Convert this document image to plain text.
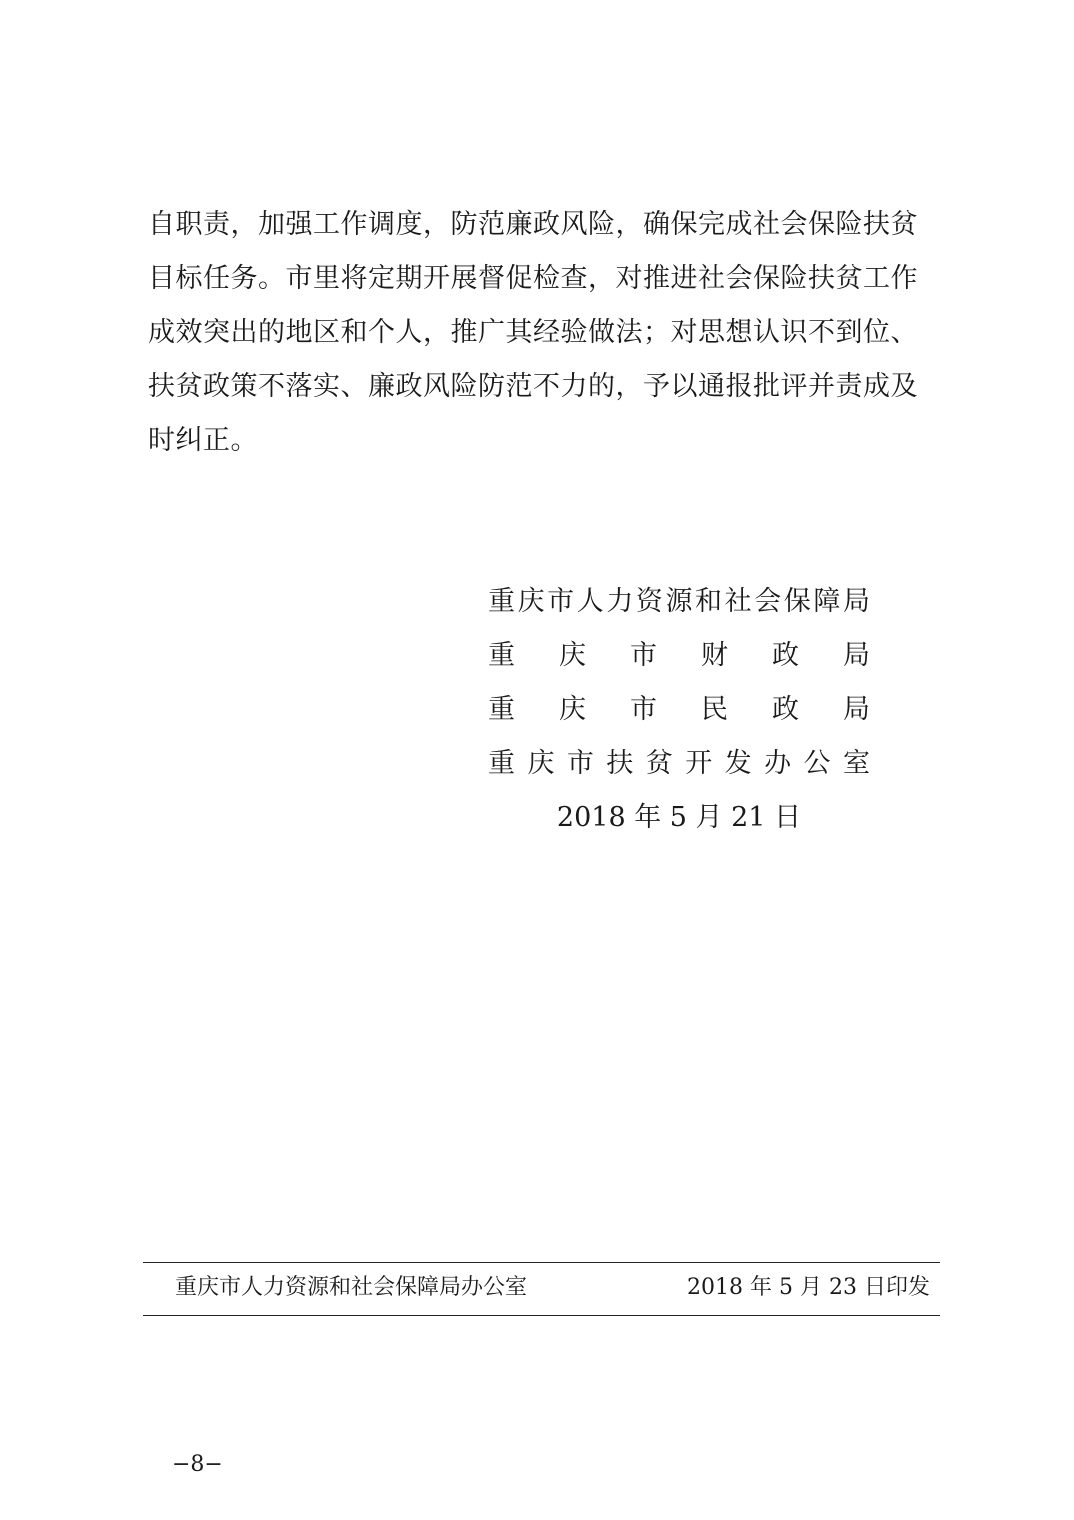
自职责，加强工作调度，防范廉政风险，确保完成社会保险扶贫
目标任务。市里将定期开展督促检查，对推进社会保险扶贫工作
成效突出的地区和个人，推广其经验做法；对思想认识不到位、
扶贫政策不落实、廉政风险防范不力的，予以通报批评并责成及
时纠正。
重 庆 市 人 力 资 源 和 社 会 保 障 局
重 庆 市 财 政 局
重 庆 市 民 政 局
重 庆 市 扶 贫 开 发 办 公 室
2018 年 5 月 21 日
重庆市人力资源和社会保障局办公室	2018 年 5 月 23 日印发
−8−
